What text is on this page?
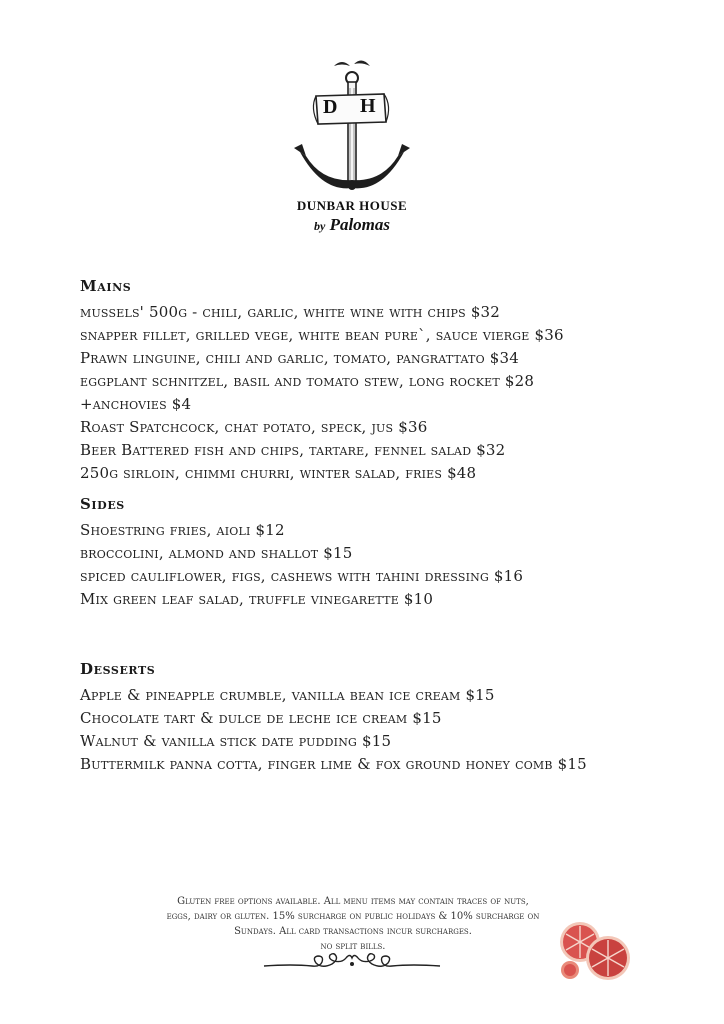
D H
DUNBAR HOUSE
by Palomas
Mains
mussels' 500g - chili, garlic, white wine with chips $32
snapper fillet, grilled vege, white bean pure`, sauce vierge $36
Prawn linguine, chili and garlic, tomato, pangrattato $34
eggplant schnitzel, basil and tomato stew, long rocket $28
+anchovies $4
Roast Spatchcock, chat potato, speck, jus $36
Beer Battered fish and chips, tartare, fennel salad $32
250g sirloin, chimmi churri, winter salad, fries $48
Sides
Shoestring fries, aioli $12
broccolini, almond and shallot $15
spiced cauliflower, figs, cashews with tahini dressing $16
Mix green leaf salad, truffle vinegarette $10
Desserts
Apple & pineapple crumble, vanilla bean ice cream $15
Chocolate tart & dulce de leche ice cream $15
Walnut & vanilla stick date pudding $15
Buttermilk panna cotta, finger lime & fox ground honey comb $15
Gluten free options available. All menu items may contain traces of nuts,
eggs, dairy or gluten. 15% surcharge on public holidays & 10% surcharge on
Sundays. All card transactions incur surcharges.
no split bills.
